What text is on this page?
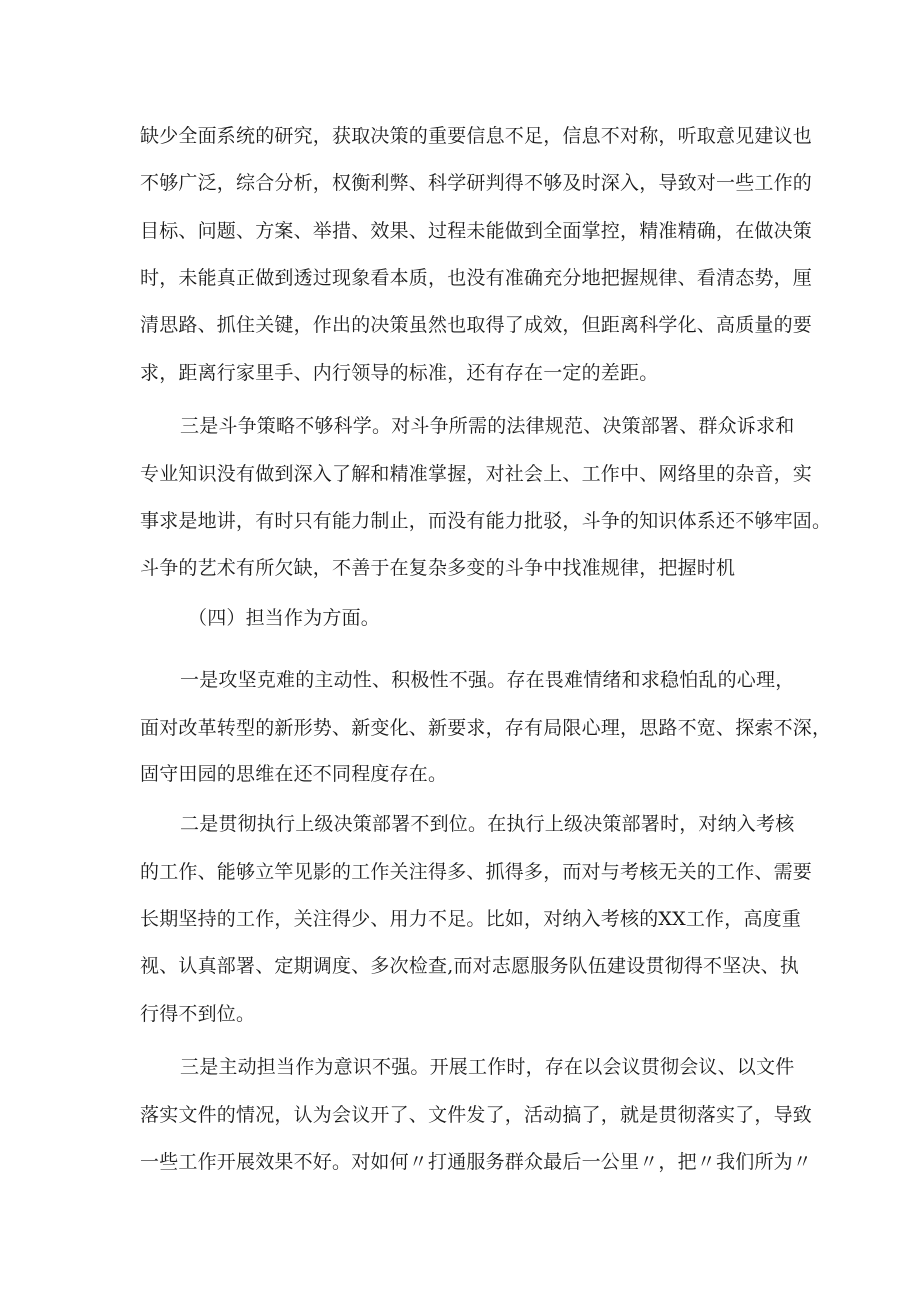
缺少全面系统的研究，获取决策的重要信息不足，信息不对称，听取意见建议也
不够广泛，综合分析，权衡利弊、科学研判得不够及时深入，导致对一些工作的
目标、问题、方案、举措、效果、过程未能做到全面掌控，精准精确，在做决策
时，未能真正做到透过现象看本质，也没有准确充分地把握规律、看清态势，厘
清思路、抓住关键，作出的决策虽然也取得了成效，但距离科学化、高质量的要
求，距离行家里手、内行领导的标准，还有存在一定的差距。
三是斗争策略不够科学。对斗争所需的法律规范、决策部署、群众诉求和
专业知识没有做到深入了解和精准掌握，对社会上、工作中、网络里的杂音，实
事求是地讲，有时只有能力制止，而没有能力批驳，斗争的知识体系还不够牢固。
斗争的艺术有所欠缺，不善于在复杂多变的斗争中找准规律，把握时机
（四）担当作为方面。
一是攻坚克难的主动性、积极性不强。存在畏难情绪和求稳怕乱的心理，
面对改革转型的新形势、新变化、新要求，存有局限心理，思路不宽、探索不深，
固守田园的思维在还不同程度存在。
二是贯彻执行上级决策部署不到位。在执行上级决策部署时，对纳入考核
的工作、能够立竿见影的工作关注得多、抓得多，而对与考核无关的工作、需要
长期坚持的工作，关注得少、用力不足。比如，对纳入考核的XX工作，高度重
视、认真部署、定期调度、多次检查,而对志愿服务队伍建设贯彻得不坚决、执
行得不到位。
三是主动担当作为意识不强。开展工作时，存在以会议贯彻会议、以文件
落实文件的情况，认为会议开了、文件发了，活动搞了，就是贯彻落实了，导致
一些工作开展效果不好。对如何〃打通服务群众最后一公里〃，把〃我们所为〃
